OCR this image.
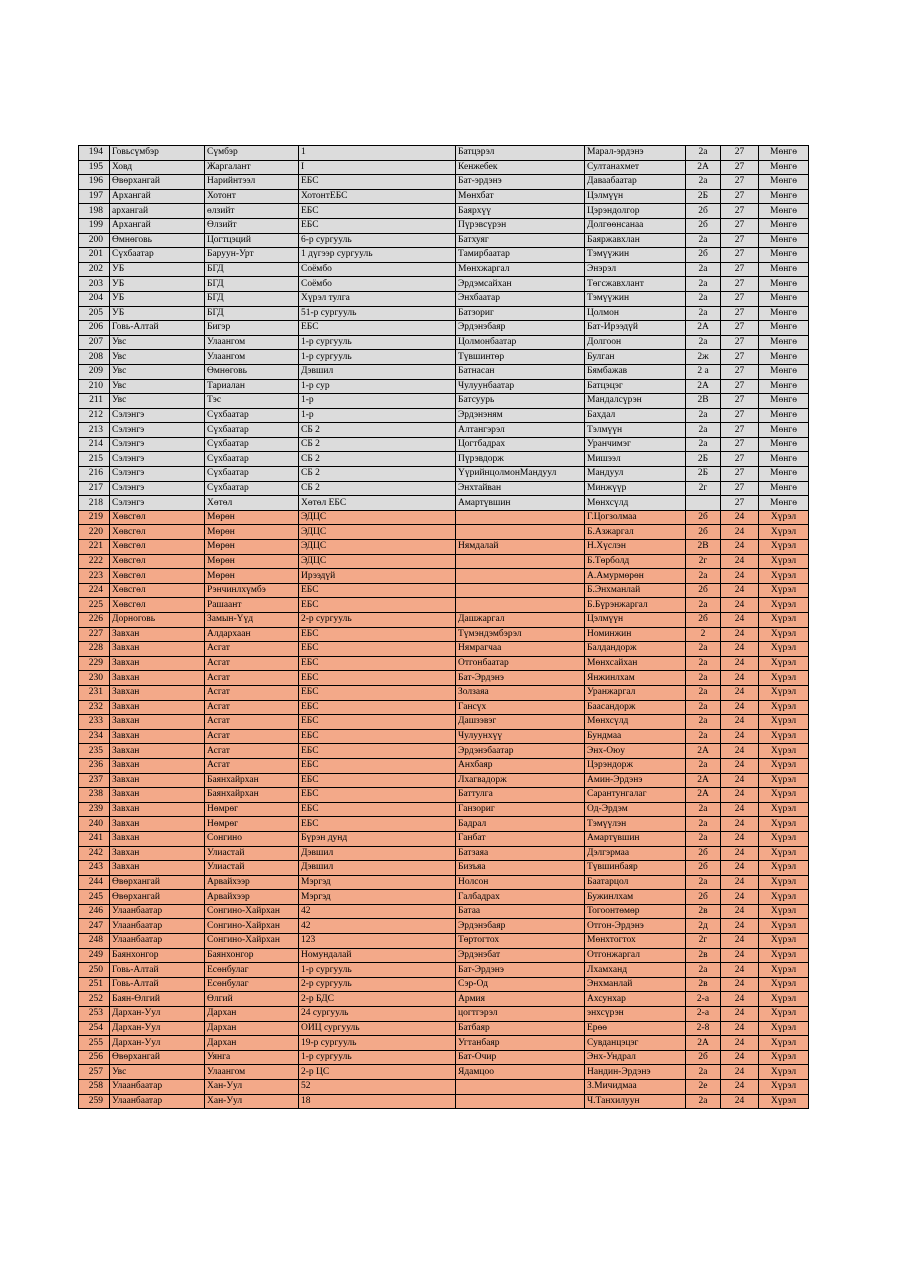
194	Говьсүмбэр	Сүмбэр	1	Батцэрэл	Марал-эрдэнэ	2а	27	Мөнгө
195	Ховд	Жаргалант	I	Кенжебек	Султанахмет	2А	27	Мөнгө
196	Өвөрхангай	Нарийнтээл	ЕБС	Бат-эрдэнэ	Даваабаатар	2а	27	Мөнгө
197	Архангай	Хотонт	ХотонтЕБС	Мөнхбат	Цэлмүүн	2Б	27	Мөнгө
198	архангай	өлзийт	ЕБС	Баярхүү	Цэрэндолгор	2б	27	Мөнгө
199	Архангай	Өлзийт	ЕБС	Пүрэвсүрэн	Долгөөнсанаа	2б	27	Мөнгө
200	Өмнөговь	Цогтцэций	6-р сургууль	Батхуяг	Баяржавхлан	2а	27	Мөнгө
201	Сүхбаатар	Баруун-Урт	1 дүгээр сургууль	Тамирбаатар	Тэмүүжин	2б	27	Мөнгө
202	УБ	БГД	Соёмбо	Мөнхжаргал	Энэрэл	2а	27	Мөнгө
203	УБ	БГД	Соёмбо	Эрдэмсайхан	Төгсжавхлант	2а	27	Мөнгө
204	УБ	БГД	Хүрэл тулга	Энхбаатар	Тэмүүжин	2а	27	Мөнгө
205	УБ	БГД	51-р сургууль	Батзориг	Цолмон	2а	27	Мөнгө
206	Говь-Алтай	Бигэр	ЕБС	Эрдэнэбаяр	Бат-Ирээдүй	2А	27	Мөнгө
207	Увс	Улаангом	1-р сургууль	Цолмонбаатар	Долгоон	2а	27	Мөнгө
208	Увс	Улаангом	1-р сургууль	Түвшинтөр	Булган	2ж	27	Мөнгө
209	Увс	Өмнөговь	Дэвшил	Батнасан	Бямбажав	2 а	27	Мөнгө
210	Увс	Тариалан	1-р сур	Чулуунбаатар	Батцэцэг	2А	27	Мөнгө
211	Увс	Тэс	1-р	Батсуурь	Мандалсүрэн	2В	27	Мөнгө
212	Сэлэнгэ	Сүхбаатар	1-р	Эрдэнэням	Бахдал	2а	27	Мөнгө
213	Сэлэнгэ	Сүхбаатар	СБ 2	Алтангэрэл	Тэлмүүн	2а	27	Мөнгө
214	Сэлэнгэ	Сүхбаатар	СБ 2	Цогтбадрах	Уранчимэг	2а	27	Мөнгө
215	Сэлэнгэ	Сүхбаатар	СБ 2	Пүрэвдорж	Мишээл	2Б	27	Мөнгө
216	Сэлэнгэ	Сүхбаатар	СБ 2	ҮүрийнцолмонМандуул	Мандуул	2Б	27	Мөнгө
217	Сэлэнгэ	Сүхбаатар	СБ 2	Энхтайван	Минжүүр	2г	27	Мөнгө
218	Сэлэнгэ	Хөтөл	Хөтөл ЕБС	Амартүвшин	Мөнхсүлд		27	Мөнгө
219	Хөвсгөл	Мөрөн	ЭДЦС		Г.Цогзолмаа	2б	24	Хүрэл
220	Хөвсгөл	Мөрөн	ЭДЦС		Б.Азжаргал	2б	24	Хүрэл
221	Хөвсгөл	Мөрөн	ЭДЦС	Нямдалай	Н.Хүслэн	2В	24	Хүрэл
222	Хөвсгөл	Мөрөн	ЭДЦС		Б.Төрболд	2г	24	Хүрэл
223	Хөвсгөл	Мөрөн	Ирээдүй		А.Амурмөрөн	2а	24	Хүрэл
224	Хөвсгөл	Рэнчинлхүмбэ	ЕБС		Б.Энхманлай	2б	24	Хүрэл
225	Хөвсгөл	Рашаант	ЕБС		Б.Бүрэнжаргал	2а	24	Хүрэл
226	Дорноговь	Замын-Үүд	2-р сургууль	Дашжаргал	Цэлмүүн	2б	24	Хүрэл
227	Завхан	Алдархаан	ЕБС	Түмэндэмбэрэл	Номинжин	2	24	Хүрэл
228	Завхан	Асгат	ЕБС	Нямрагчаа	Балдандорж	2а	24	Хүрэл
229	Завхан	Асгат	ЕБС	Отгонбаатар	Мөнхсайхан	2а	24	Хүрэл
230	Завхан	Асгат	ЕБС	Бат-Эрдэнэ	Янжинлхам	2а	24	Хүрэл
231	Завхан	Асгат	ЕБС	Золзаяа	Уранжаргал	2а	24	Хүрэл
232	Завхан	Асгат	ЕБС	Гансүх	Баасандорж	2а	24	Хүрэл
233	Завхан	Асгат	ЕБС	Дашзэвэг	Мөнхсүлд	2а	24	Хүрэл
234	Завхан	Асгат	ЕБС	Чулуунхүү	Бундмаа	2а	24	Хүрэл
235	Завхан	Асгат	ЕБС	Эрдэнэбаатар	Энх-Оюу	2А	24	Хүрэл
236	Завхан	Асгат	ЕБС	Анхбаяр	Цэрэндорж	2а	24	Хүрэл
237	Завхан	Баянхайрхан	ЕБС	Лхагвадорж	Амин-Эрдэнэ	2А	24	Хүрэл
238	Завхан	Баянхайрхан	ЕБС	Баттулга	Сарантунгалаг	2А	24	Хүрэл
239	Завхан	Нөмрөг	ЕБС	Ганзориг	Од-Эрдэм	2а	24	Хүрэл
240	Завхан	Нөмрөг	ЕБС	Бадрал	Тэмүүлэн	2а	24	Хүрэл
241	Завхан	Сонгино	Бүрэн дунд	Ганбат	Амартүвшин	2а	24	Хүрэл
242	Завхан	Улиастай	Дэвшил	Батзаяа	Дэлгэрмаа	2б	24	Хүрэл
243	Завхан	Улиастай	Дэвшил	Бизъяа	Түвшинбаяр	2б	24	Хүрэл
244	Өвөрхангай	Арвайхээр	Мэргэд	Нолсон	Баатарцол	2а	24	Хүрэл
245	Өвөрхангай	Арвайхээр	Мэргэд	Галбадрах	Бужинлхам	2б	24	Хүрэл
246	Улаанбаатар	Сонгино-Хайрхан	42	Батаа	Тогоонтөмөр	2в	24	Хүрэл
247	Улаанбаатар	Сонгино-Хайрхан	42	Эрдэнэбаяр	Отгон-Эрдэнэ	2д	24	Хүрэл
248	Улаанбаатар	Сонгино-Хайрхан	123	Төртогтох	Мөнхтогтох	2г	24	Хүрэл
249	Баянхонгор	Баянхонгор	Номундалай	Эрдэнэбат	Отгонжаргал	2в	24	Хүрэл
250	Говь-Алтай	Есөнбулаг	1-р сургууль	Бат-Эрдэнэ	Лхамханд	2а	24	Хүрэл
251	Говь-Алтай	Есөнбулаг	2-р сургууль	Сэр-Од	Энхманлай	2в	24	Хүрэл
252	Баян-Өлгий	Өлгий	2-р БДС	Армия	Ахсунхар	2-а	24	Хүрэл
253	Дархан-Уул	Дархан	24 сургууль	цогтгэрэл	энхсүрэн	2-а	24	Хүрэл
254	Дархан-Уул	Дархан	ОИЦ сургууль	Батбаяр	Ерөө	2-8	24	Хүрэл
255	Дархан-Уул	Дархан	19-р сургууль	Угтанбаяр	Сувданцэцэг	2А	24	Хүрэл
256	Өвөрхангай	Уянга	1-р сургууль	Бат-Очир	Энх-Ундрал	2б	24	Хүрэл
257	Увс	Улаангом	2-р ЦС	Ядамцоо	Нандин-Эрдэнэ	2а	24	Хүрэл
258	Улаанбаатар	Хан-Уул	52		З.Мичидмаа	2е	24	Хүрэл
259	Улаанбаатар	Хан-Уул	18		Ч.Танхилуун	2а	24	Хүрэл
